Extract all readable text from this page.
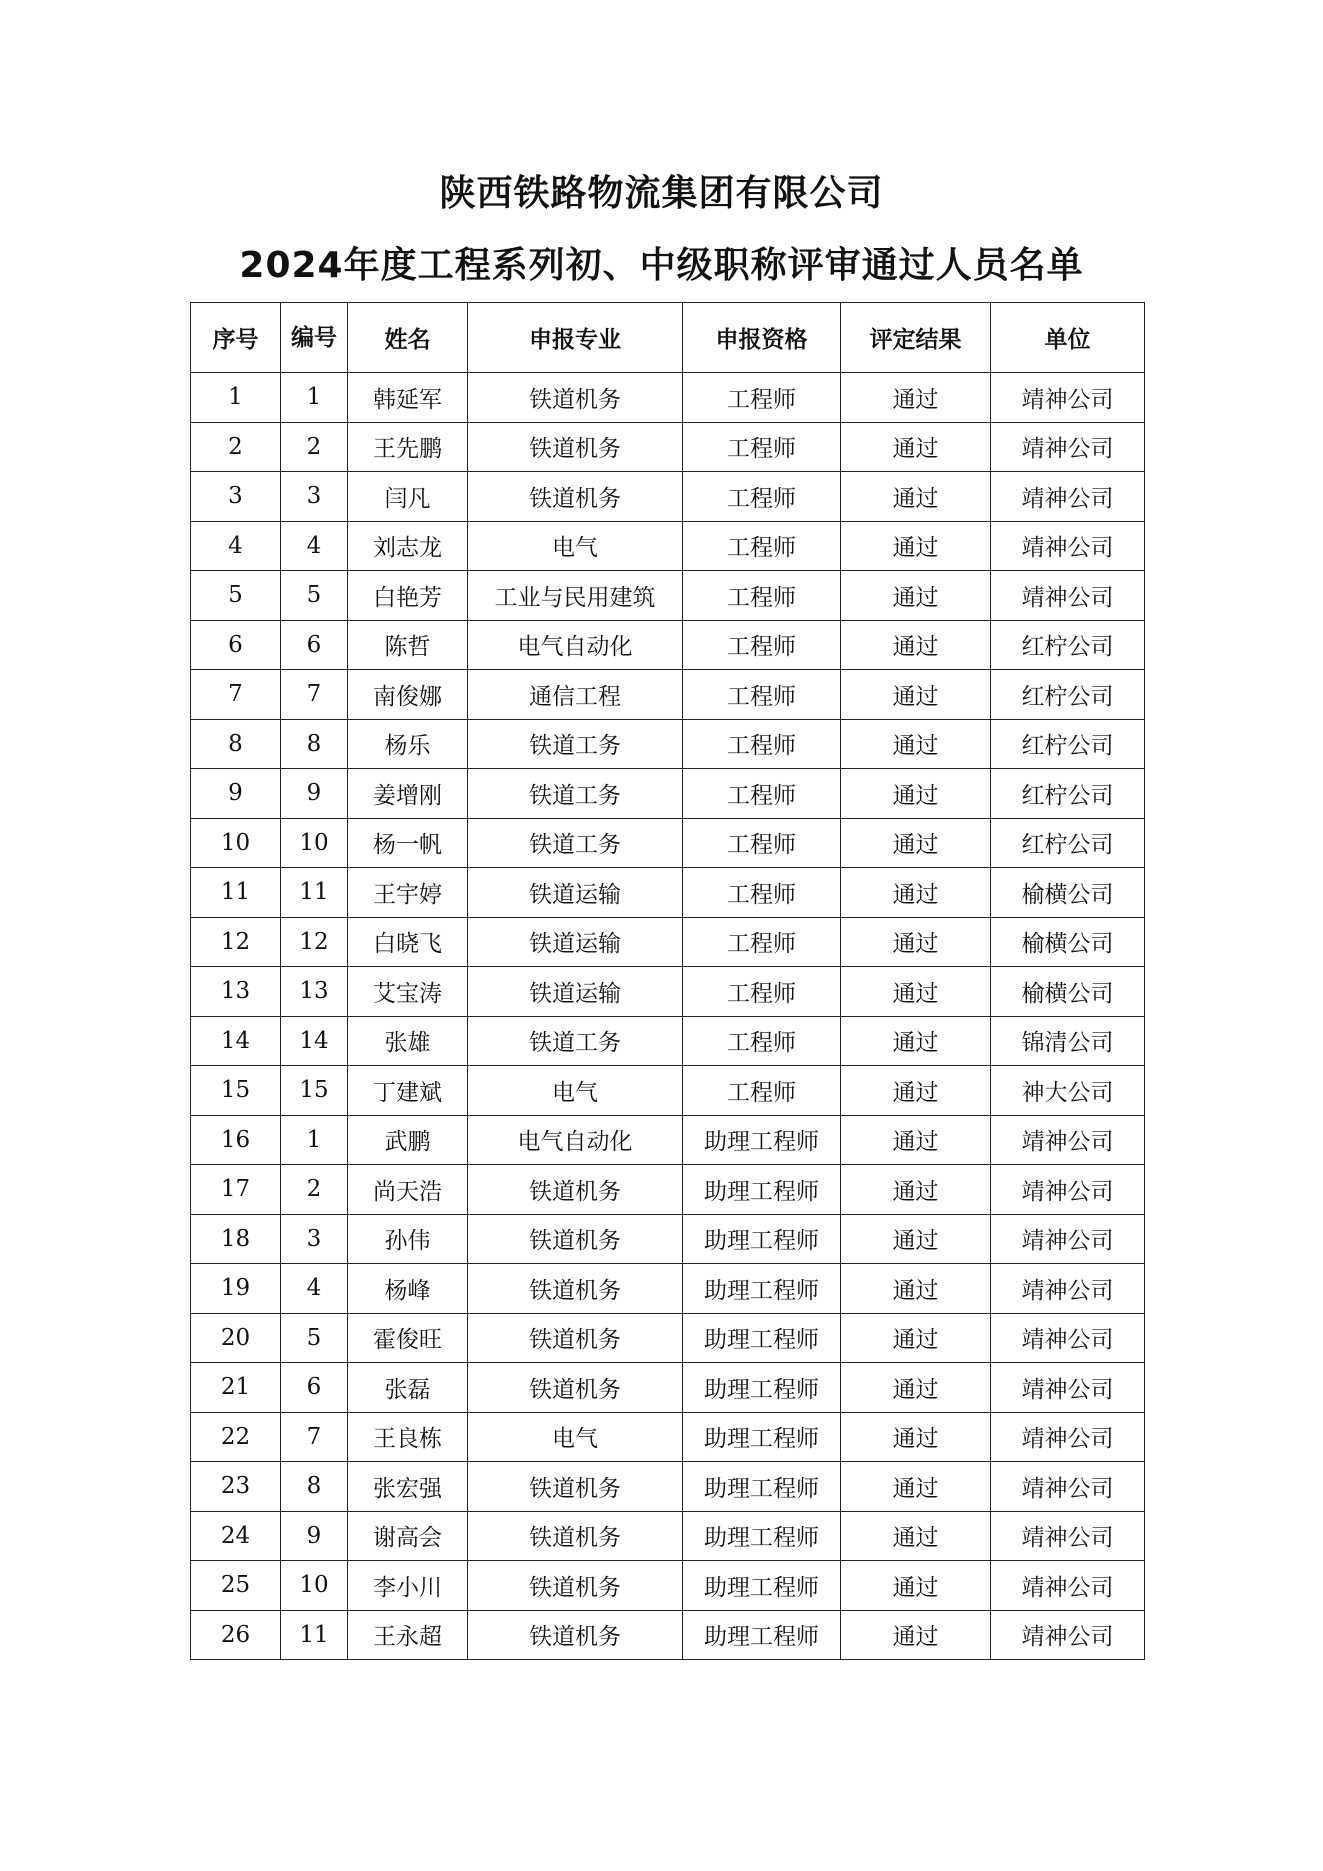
陕西铁路物流集团有限公司
2024年度工程系列初、中级职称评审通过人员名单
序号	编号	姓名	申报专业	申报资格	评定结果	单位
1	1	韩延军	铁道机务	工程师	通过	靖神公司
2	2	王先鹏	铁道机务	工程师	通过	靖神公司
3	3	闫凡	铁道机务	工程师	通过	靖神公司
4	4	刘志龙	电气	工程师	通过	靖神公司
5	5	白艳芳	工业与民用建筑	工程师	通过	靖神公司
6	6	陈哲	电气自动化	工程师	通过	红柠公司
7	7	南俊娜	通信工程	工程师	通过	红柠公司
8	8	杨乐	铁道工务	工程师	通过	红柠公司
9	9	姜增刚	铁道工务	工程师	通过	红柠公司
10	10	杨一帆	铁道工务	工程师	通过	红柠公司
11	11	王宇婷	铁道运输	工程师	通过	榆横公司
12	12	白晓飞	铁道运输	工程师	通过	榆横公司
13	13	艾宝涛	铁道运输	工程师	通过	榆横公司
14	14	张雄	铁道工务	工程师	通过	锦清公司
15	15	丁建斌	电气	工程师	通过	神大公司
16	1	武鹏	电气自动化	助理工程师	通过	靖神公司
17	2	尚天浩	铁道机务	助理工程师	通过	靖神公司
18	3	孙伟	铁道机务	助理工程师	通过	靖神公司
19	4	杨峰	铁道机务	助理工程师	通过	靖神公司
20	5	霍俊旺	铁道机务	助理工程师	通过	靖神公司
21	6	张磊	铁道机务	助理工程师	通过	靖神公司
22	7	王良栋	电气	助理工程师	通过	靖神公司
23	8	张宏强	铁道机务	助理工程师	通过	靖神公司
24	9	谢高会	铁道机务	助理工程师	通过	靖神公司
25	10	李小川	铁道机务	助理工程师	通过	靖神公司
26	11	王永超	铁道机务	助理工程师	通过	靖神公司
